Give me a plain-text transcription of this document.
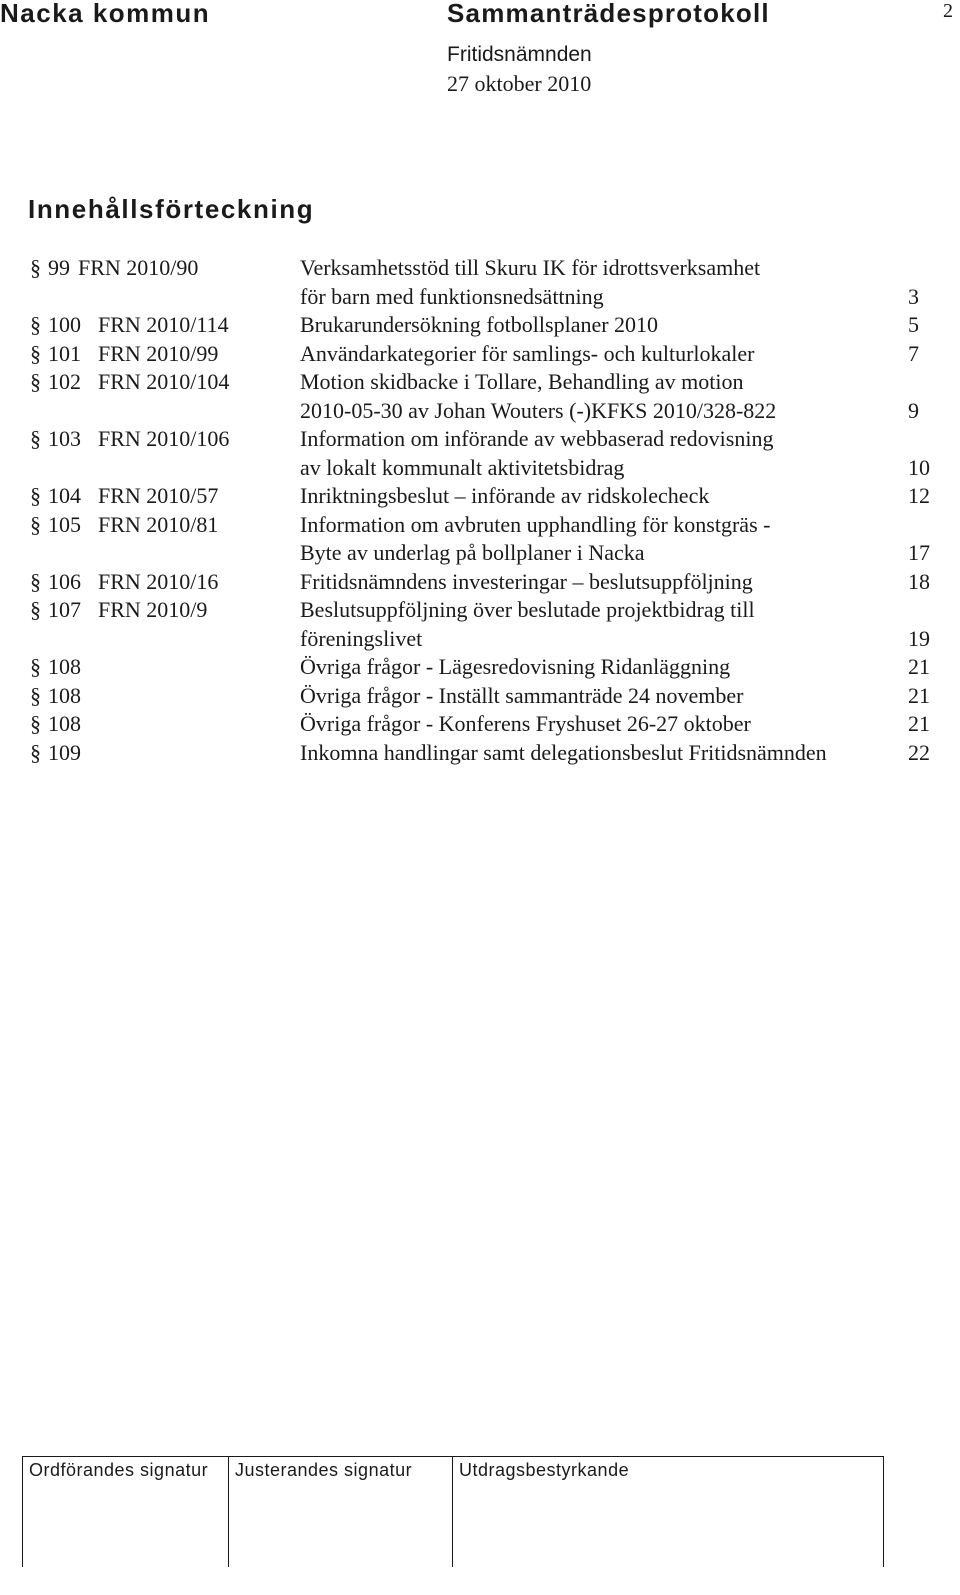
Nacka kommun	Sammanträdesprotokoll	2
Fritidsnämnden
27 oktober 2010
Innehållsförteckning
§ 99 FRN 2010/90	Verksamhetsstöd till Skuru IK för idrottsverksamhet
för barn med funktionsnedsättning	3
§ 100 FRN 2010/114	Brukarundersökning fotbollsplaner 2010	5
§ 101 FRN 2010/99	Användarkategorier för samlings- och kulturlokaler	7
§ 102 FRN 2010/104	Motion skidbacke i Tollare, Behandling av motion
2010-05-30 av Johan Wouters (-)KFKS 2010/328-822	9
§ 103 FRN 2010/106	Information om införande av webbaserad redovisning
av lokalt kommunalt aktivitetsbidrag	10
§ 104 FRN 2010/57	Inriktningsbeslut – införande av ridskolecheck	12
§ 105 FRN 2010/81	Information om avbruten upphandling för konstgräs -
Byte av underlag på bollplaner i Nacka	17
§ 106 FRN 2010/16	Fritidsnämndens investeringar – beslutsuppföljning	18
§ 107 FRN 2010/9	Beslutsuppföljning över beslutade projektbidrag till
föreningslivet	19
§ 108	Övriga frågor - Lägesredovisning Ridanläggning	21
§ 108	Övriga frågor - Inställt sammanträde 24 november	21
§ 108	Övriga frågor - Konferens Fryshuset 26-27 oktober	21
§ 109	Inkomna handlingar samt delegationsbeslut Fritidsnämnden	22
Ordförandes signatur	Justerandes signatur	Utdragsbestyrkande
